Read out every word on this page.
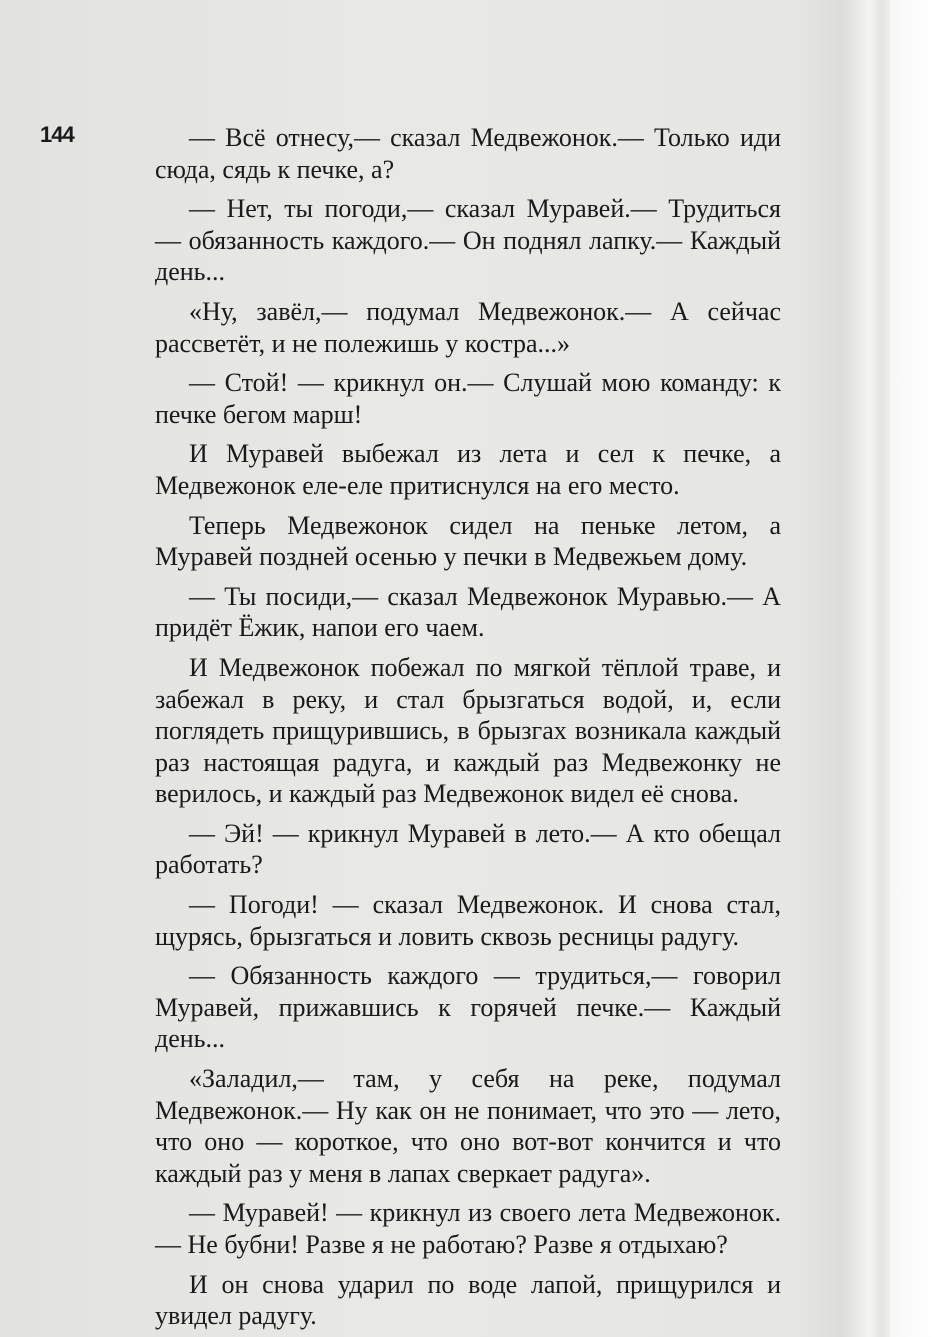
144	— Всё отнесу,— сказал Медвежонок.— Только иди сюда, сядь к печке, а?

— Нет, ты погоди,— сказал Муравей.— Трудиться — обязанность каждого.— Он поднял лапку.— Каждый день...

«Ну, завёл,— подумал Медвежонок.— А сейчас рассветёт, и не полежишь у костра...»

— Стой! — крикнул он.— Слушай мою команду: к печке бегом марш!

И Муравей выбежал из лета и сел к печке, а Медвежонок еле-еле притиснулся на его место.

Теперь Медвежонок сидел на пеньке летом, а Муравей поздней осенью у печки в Медвежьем дому.

— Ты посиди,— сказал Медвежонок Муравью.— А придёт Ёжик, напои его чаем.

И Медвежонок побежал по мягкой тёплой траве, и забежал в реку, и стал брызгаться водой, и, если поглядеть прищурившись, в брызгах возникала каждый раз настоящая радуга, и каждый раз Медвежонку не верилось, и каждый раз Медвежонок видел её снова.

— Эй! — крикнул Муравей в лето.— А кто обещал работать?

— Погоди! — сказал Медвежонок. И снова стал, щурясь, брызгаться и ловить сквозь ресницы радугу.

— Обязанность каждого — трудиться,— говорил Муравей, прижавшись к горячей печке.— Каждый день...

«Заладил,— там, у себя на реке, подумал Медвежонок.— Ну как он не понимает, что это — лето, что оно — короткое, что оно вот-вот кончится и что каждый раз у меня в лапах сверкает радуга».

— Муравей! — крикнул из своего лета Медвежонок.— Не бубни! Разве я не работаю? Разве я отдыхаю?

И он снова ударил по воде лапой, прищурился и увидел радугу.
